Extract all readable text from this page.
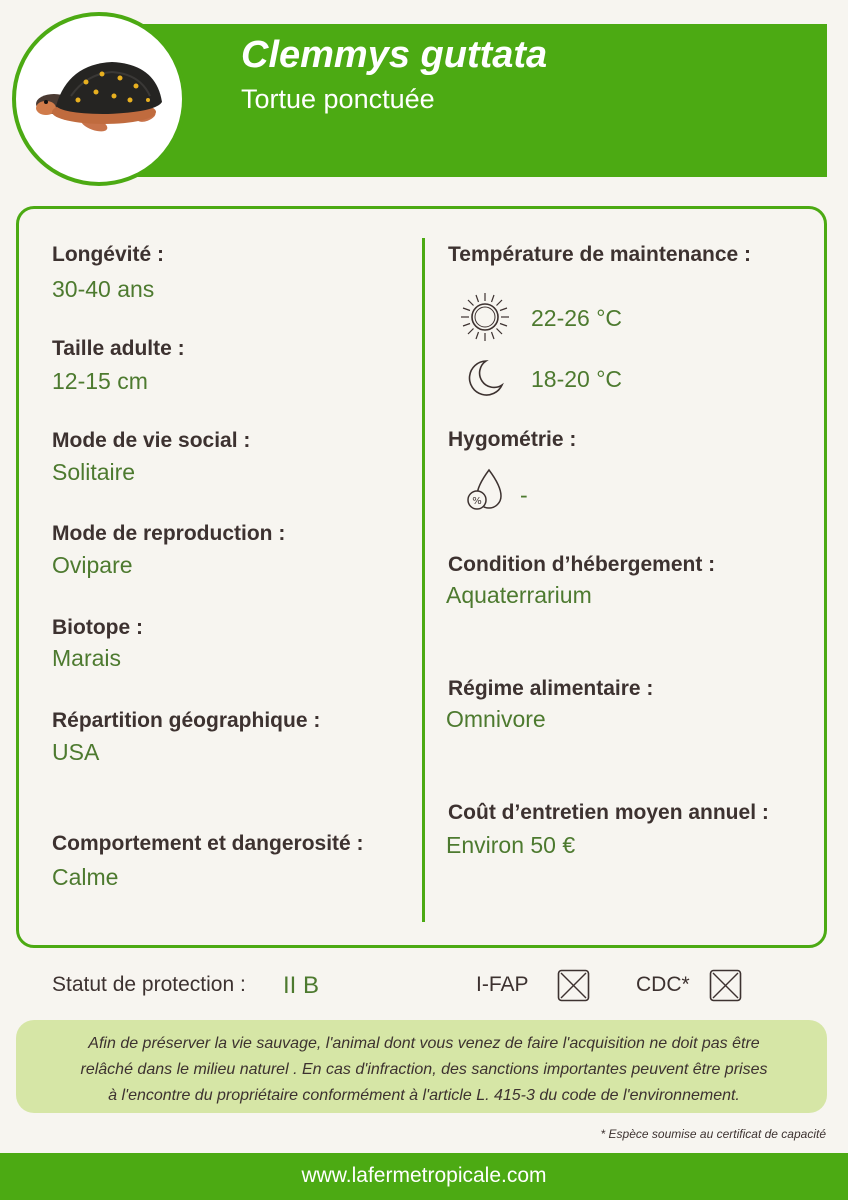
Clemmys guttata
Tortue ponctuée
Longévité :
30-40 ans
Taille adulte :
12-15 cm
Mode de vie social :
Solitaire
Mode de reproduction :
Ovipare
Biotope :
Marais
Répartition géographique :
USA
Comportement et dangerosité :
Calme
Température de maintenance :
22-26 °C
18-20 °C
Hygométrie :
% -
Condition d’hébergement :
Aquaterrarium
Régime alimentaire :
Omnivore
Coût d’entretien moyen annuel :
Environ 50 €
Statut de protection : II B	I-FAP	CDC*
Afin de préserver la vie sauvage, l'animal dont vous venez de faire l'acquisition ne doit pas être
relâché dans le milieu naturel . En cas d'infraction, des sanctions importantes peuvent être prises
à l'encontre du propriétaire conformément à l'article L. 415-3 du code de l'environnement.
* Espèce soumise au certificat de capacité
www.lafermetropicale.com
